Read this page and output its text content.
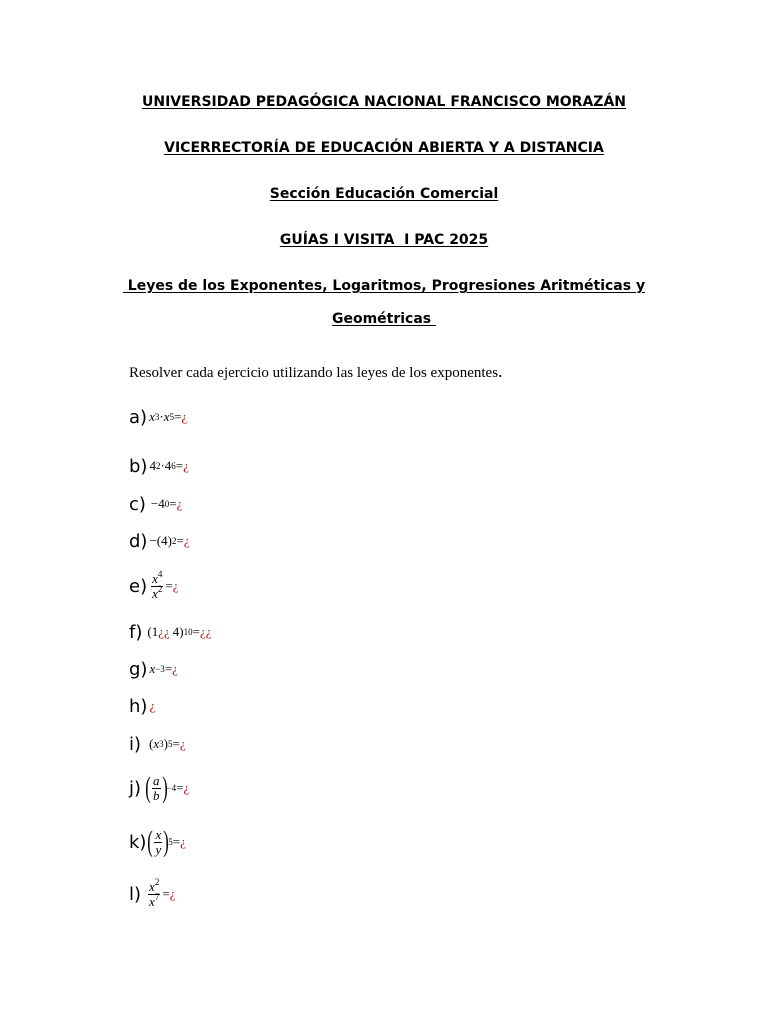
UNIVERSIDAD PEDAGÓGICA NACIONAL FRANCISCO MORAZÁN
VICERRECTORÍA DE EDUCACIÓN ABIERTA Y A DISTANCIA
Sección Educación Comercial
GUÍAS I VISITA  I PAC 2025
Leyes de los Exponentes, Logaritmos, Progresiones Aritméticas y
Geométricas
Resolver cada ejercicio utilizando las leyes de los exponentes.
a) x 3 · x 5 = ¿
b) 4 2 · 4 6 = ¿
c) − 4 0 = ¿
d) − ( 4 ) 2 = ¿
$e) \frac{x^4}{x^2}$ = ¿
f) ( 1 ¿¿ 4 ) 10 = ¿¿
g) x −3 = ¿
h) ¿
i) ( x 3 ) 5 = ¿
j) ( $\frac{a}{b}$ ) −4 = ¿
k) ( $\frac{x}{y}$ ) 5 = ¿
$l) \frac{x^2}{x^7}$ = ¿
